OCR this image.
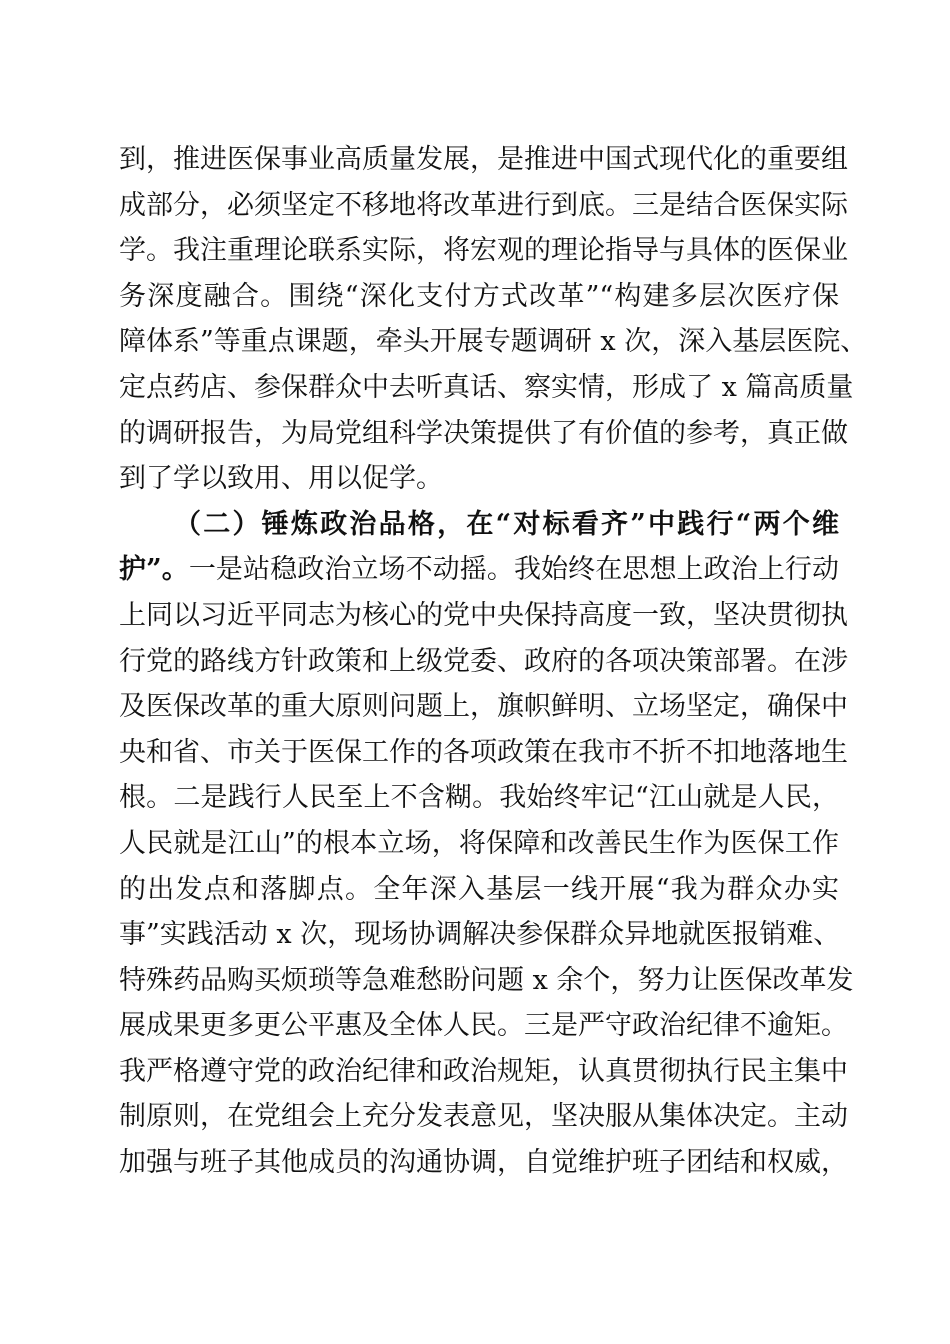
到，推进医保事业高质量发展，是推进中国式现代化的重要组
成部分，必须坚定不移地将改革进行到底。三是结合医保实际
学。我注重理论联系实际，将宏观的理论指导与具体的医保业
务深度融合。围绕“深化支付方式改革”“构建多层次医疗保
障体系”等重点课题，牵头开展专题调研 x 次，深入基层医院、
定点药店、参保群众中去听真话、察实情，形成了 x 篇高质量
的调研报告，为局党组科学决策提供了有价值的参考，真正做
到了学以致用、用以促学。
（二）锤炼政治品格，在“对标看齐”中践行“两个维
护”。一是站稳政治立场不动摇。我始终在思想上政治上行动
上同以习近平同志为核心的党中央保持高度一致，坚决贯彻执
行党的路线方针政策和上级党委、政府的各项决策部署。在涉
及医保改革的重大原则问题上，旗帜鲜明、立场坚定，确保中
央和省、市关于医保工作的各项政策在我市不折不扣地落地生
根。二是践行人民至上不含糊。我始终牢记“江山就是人民，
人民就是江山”的根本立场，将保障和改善民生作为医保工作
的出发点和落脚点。全年深入基层一线开展“我为群众办实
事”实践活动 x 次，现场协调解决参保群众异地就医报销难、
特殊药品购买烦琐等急难愁盼问题 x 余个，努力让医保改革发
展成果更多更公平惠及全体人民。三是严守政治纪律不逾矩。
我严格遵守党的政治纪律和政治规矩，认真贯彻执行民主集中
制原则，在党组会上充分发表意见，坚决服从集体决定。主动
加强与班子其他成员的沟通协调，自觉维护班子团结和权威，
